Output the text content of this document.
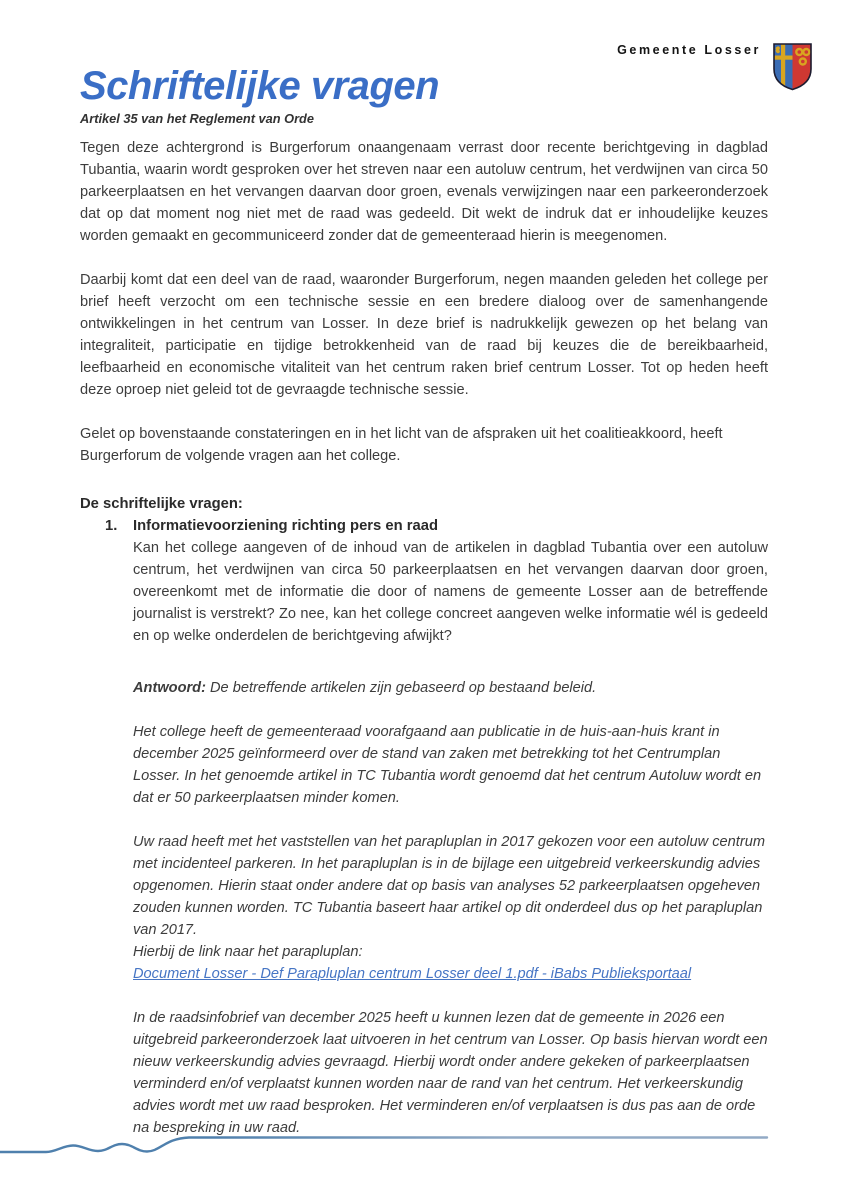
Gemeente Losser
Schriftelijke vragen
Artikel 35 van het Reglement van Orde

Tegen deze achtergrond is Burgerforum onaangenaam verrast door recente berichtgeving in dagblad Tubantia, waarin wordt gesproken over het streven naar een autoluw centrum, het verdwijnen van circa 50 parkeerplaatsen en het vervangen daarvan door groen, evenals verwijzingen naar een parkeeronderzoek dat op dat moment nog niet met de raad was gedeeld. Dit wekt de indruk dat er inhoudelijke keuzes worden gemaakt en gecommuniceerd zonder dat de gemeenteraad hierin is meegenomen.

Daarbij komt dat een deel van de raad, waaronder Burgerforum, negen maanden geleden het college per brief heeft verzocht om een technische sessie en een bredere dialoog over de samenhangende ontwikkelingen in het centrum van Losser. In deze brief is nadrukkelijk gewezen op het belang van integraliteit, participatie en tijdige betrokkenheid van de raad bij keuzes die de bereikbaarheid, leefbaarheid en economische vitaliteit van het centrum raken brief centrum Losser. Tot op heden heeft deze oproep niet geleid tot de gevraagde technische sessie.

Gelet op bovenstaande constateringen en in het licht van de afspraken uit het coalitieakkoord, heeft Burgerforum de volgende vragen aan het college.

De schriftelijke vragen:
1.	Informatievoorziening richting pers en raad

Kan het college aangeven of de inhoud van de artikelen in dagblad Tubantia over een autoluw centrum, het verdwijnen van circa 50 parkeerplaatsen en het vervangen daarvan door groen, overeenkomt met de informatie die door of namens de gemeente Losser aan de betreffende journalist is verstrekt? Zo nee, kan het college concreet aangeven welke informatie wél is gedeeld en op welke onderdelen de berichtgeving afwijkt?

Antwoord: De betreffende artikelen zijn gebaseerd op bestaand beleid.

Het college heeft de gemeenteraad voorafgaand aan publicatie in de huis-aan-huis krant in december 2025 geïnformeerd over de stand van zaken met betrekking tot het Centrumplan Losser. In het genoemde artikel in TC Tubantia wordt genoemd dat het centrum Autoluw wordt en dat er 50 parkeerplaatsen minder komen.

Uw raad heeft met het vaststellen van het parapluplan in 2017 gekozen voor een autoluw centrum met incidenteel parkeren. In het parapluplan is in de bijlage een uitgebreid verkeerskundig advies opgenomen. Hierin staat onder andere dat op basis van analyses 52 parkeerplaatsen opgeheven zouden kunnen worden. TC Tubantia baseert haar artikel op dit onderdeel dus op het parapluplan van 2017.

Hierbij de link naar het parapluplan:

Document Losser - Def Parapluplan centrum Losser deel 1.pdf - iBabs Publieksportaal

In de raadsinfobrief van december 2025 heeft u kunnen lezen dat de gemeente in 2026 een uitgebreid parkeeronderzoek laat uitvoeren in het centrum van Losser. Op basis hiervan wordt een nieuw verkeerskundig advies gevraagd. Hierbij wordt onder andere gekeken of parkeerplaatsen verminderd en/of verplaatst kunnen worden naar de rand van het centrum. Het verkeerskundig advies wordt met uw raad besproken. Het verminderen en/of verplaatsen is dus pas aan de orde na bespreking in uw raad.
